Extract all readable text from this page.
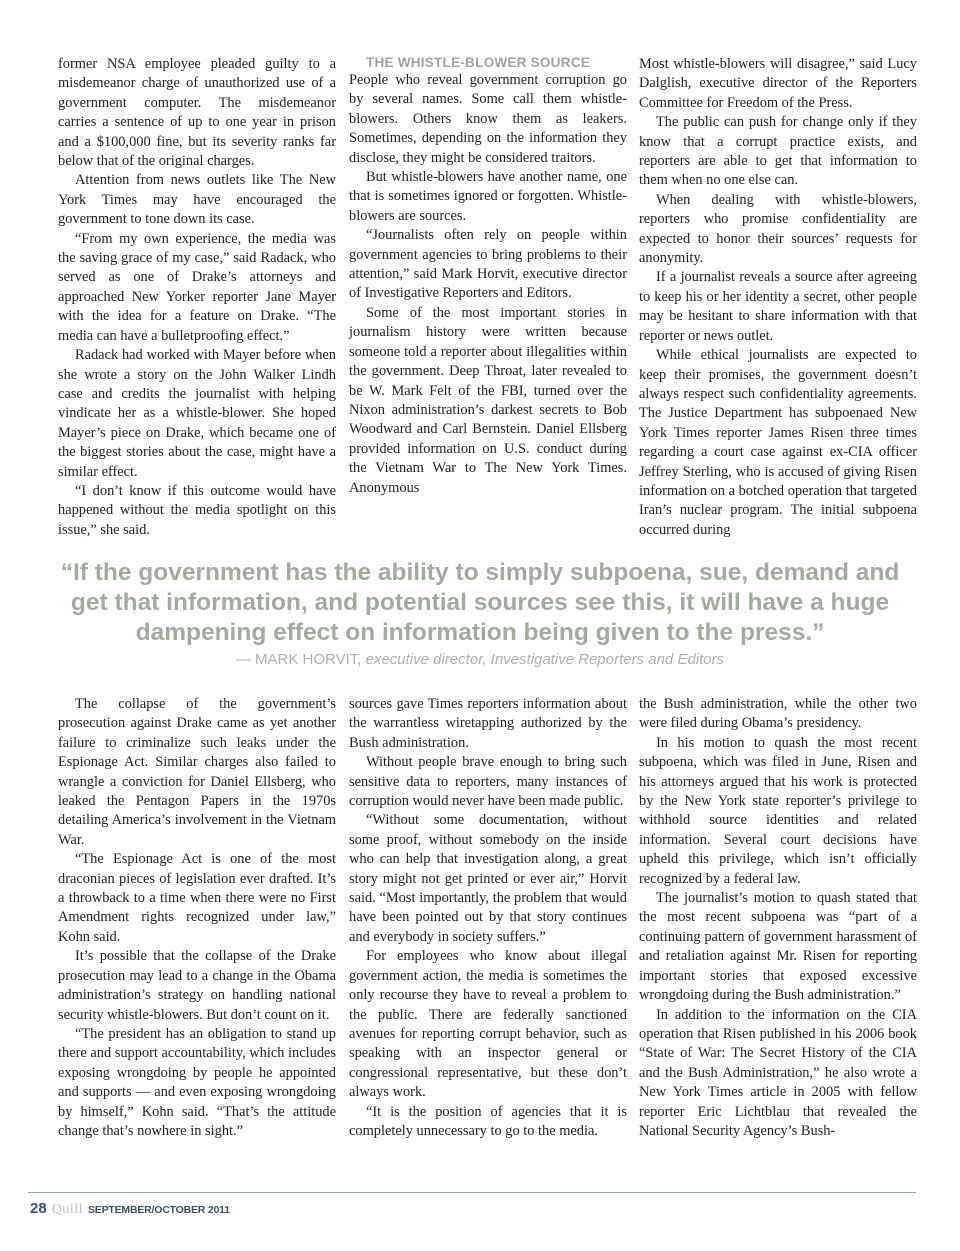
former NSA employee pleaded guilty to a misdemeanor charge of unauthorized use of a government computer. The misdemeanor carries a sentence of up to one year in prison and a $100,000 fine, but its severity ranks far below that of the original charges.

Attention from news outlets like The New York Times may have encouraged the government to tone down its case.

“From my own experience, the media was the saving grace of my case,” said Radack, who served as one of Drake’s attorneys and approached New Yorker reporter Jane Mayer with the idea for a feature on Drake. “The media can have a bulletproofing effect.”

Radack had worked with Mayer before when she wrote a story on the John Walker Lindh case and credits the journalist with helping vindicate her as a whistle-blower. She hoped Mayer’s piece on Drake, which became one of the biggest stories about the case, might have a similar effect.

“I don’t know if this outcome would have happened without the media spotlight on this issue,” she said.

THE WHISTLE-BLOWER SOURCE

People who reveal government corruption go by several names. Some call them whistle-blowers. Others know them as leakers. Sometimes, depending on the information they disclose, they might be considered traitors.

But whistle-blowers have another name, one that is sometimes ignored or forgotten. Whistle-blowers are sources.

“Journalists often rely on people within government agencies to bring problems to their attention,” said Mark Horvit, executive director of Investigative Reporters and Editors.

Some of the most important stories in journalism history were written because someone told a reporter about illegalities within the government. Deep Throat, later revealed to be W. Mark Felt of the FBI, turned over the Nixon administration’s darkest secrets to Bob Woodward and Carl Bernstein. Daniel Ellsberg provided information on U.S. conduct during the Vietnam War to The New York Times. Anonymous

Most whistle-blowers will disagree,” said Lucy Dalglish, executive director of the Reporters Committee for Freedom of the Press.

The public can push for change only if they know that a corrupt practice exists, and reporters are able to get that information to them when no one else can.

When dealing with whistle-blowers, reporters who promise confidentiality are expected to honor their sources’ requests for anonymity.

If a journalist reveals a source after agreeing to keep his or her identity a secret, other people may be hesitant to share information with that reporter or news outlet.

While ethical journalists are expected to keep their promises, the government doesn’t always respect such confidentiality agreements. The Justice Department has subpoenaed New York Times reporter James Risen three times regarding a court case against ex-CIA officer Jeffrey Sterling, who is accused of giving Risen information on a botched operation that targeted Iran’s nuclear program. The initial subpoena occurred during

“If the government has the ability to simply subpoena, sue, demand and get that information, and potential sources see this, it will have a huge dampening effect on information being given to the press.”

— MARK HORVIT, executive director, Investigative Reporters and Editors

The collapse of the government’s prosecution against Drake came as yet another failure to criminalize such leaks under the Espionage Act. Similar charges also failed to wrangle a conviction for Daniel Ellsberg, who leaked the Pentagon Papers in the 1970s detailing America’s involvement in the Vietnam War.

“The Espionage Act is one of the most draconian pieces of legislation ever drafted. It’s a throwback to a time when there were no First Amendment rights recognized under law,” Kohn said.

It’s possible that the collapse of the Drake prosecution may lead to a change in the Obama administration’s strategy on handling national security whistle-blowers. But don’t count on it.

“The president has an obligation to stand up there and support accountability, which includes exposing wrongdoing by people he appointed and supports — and even exposing wrongdoing by himself,” Kohn said. “That’s the attitude change that’s nowhere in sight.”

sources gave Times reporters information about the warrantless wiretapping authorized by the Bush administration.

Without people brave enough to bring such sensitive data to reporters, many instances of corruption would never have been made public.

“Without some documentation, without some proof, without somebody on the inside who can help that investigation along, a great story might not get printed or ever air,” Horvit said. “Most importantly, the problem that would have been pointed out by that story continues and everybody in society suffers.”

For employees who know about illegal government action, the media is sometimes the only recourse they have to reveal a problem to the public. There are federally sanctioned avenues for reporting corrupt behavior, such as speaking with an inspector general or congressional representative, but these don’t always work.

“It is the position of agencies that it is completely unnecessary to go to the media.

the Bush administration, while the other two were filed during Obama’s presidency.

In his motion to quash the most recent subpoena, which was filed in June, Risen and his attorneys argued that his work is protected by the New York state reporter’s privilege to withhold source identities and related information. Several court decisions have upheld this privilege, which isn’t officially recognized by a federal law.

The journalist’s motion to quash stated that the most recent subpoena was “part of a continuing pattern of government harassment of and retaliation against Mr. Risen for reporting important stories that exposed excessive wrongdoing during the Bush administration.”

In addition to the information on the CIA operation that Risen published in his 2006 book “State of War: The Secret History of the CIA and the Bush Administration,” he also wrote a New York Times article in 2005 with fellow reporter Eric Lichtblau that revealed the National Security Agency’s Bush-

28 Quill SEPTEMBER/OCTOBER 2011
